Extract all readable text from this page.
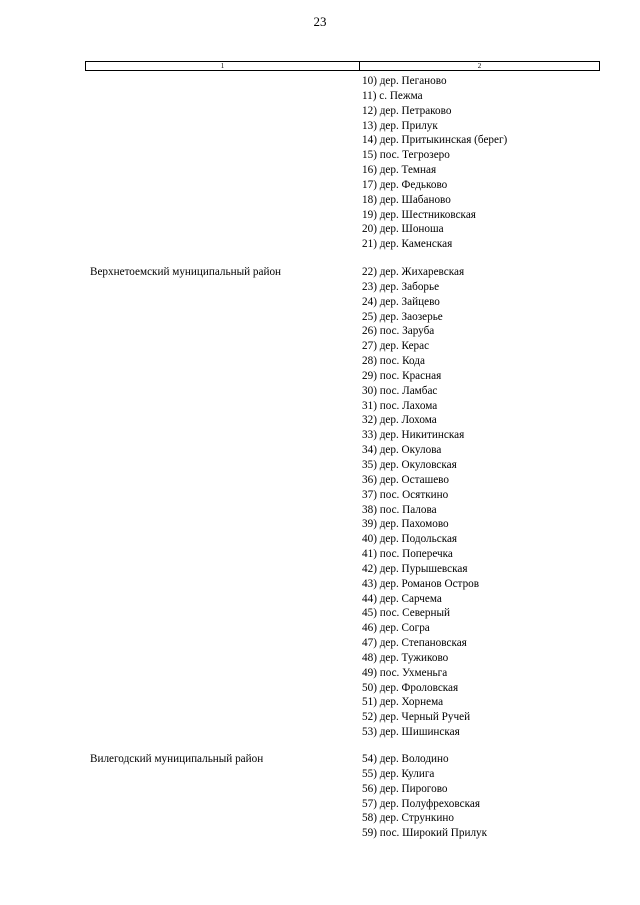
23
1	2
10) дер. Пеганово
11) с. Пежма
12) дер. Петраково
13) дер. Прилук
14) дер. Притыкинская (берег)
15) пос. Тегрозеро
16) дер. Темная
17) дер. Федьково
18) дер. Шабаново
19) дер. Шестниковская
20) дер. Шоноша
21) дер. Каменская
Верхнетоемский муниципальный район	22) дер. Жихаревская
23) дер. Заборье
24) дер. Зайцево
25) дер. Заозерье
26) пос. Заруба
27) дер. Керас
28) пос. Кода
29) пос. Красная
30) пос. Ламбас
31) пос. Лахома
32) дер. Лохома
33) дер. Никитинская
34) дер. Окулова
35) дер. Окуловская
36) дер. Осташево
37) пос. Осяткино
38) пос. Палова
39) дер. Пахомово
40) дер. Подольская
41) пос. Поперечка
42) дер. Пурышевская
43) дер. Романов Остров
44) дер. Сарчема
45) пос. Северный
46) дер. Согра
47) дер. Степановская
48) дер. Тужиково
49) пос. Ухменьга
50) дер. Фроловская
51) дер. Хорнема
52) дер. Черный Ручей
53) дер. Шишинская
Вилегодский муниципальный район	54) дер. Володино
55) дер. Кулига
56) дер. Пирогово
57) дер. Полуфреховская
58) дер. Стрункино
59) пос. Широкий Прилук
